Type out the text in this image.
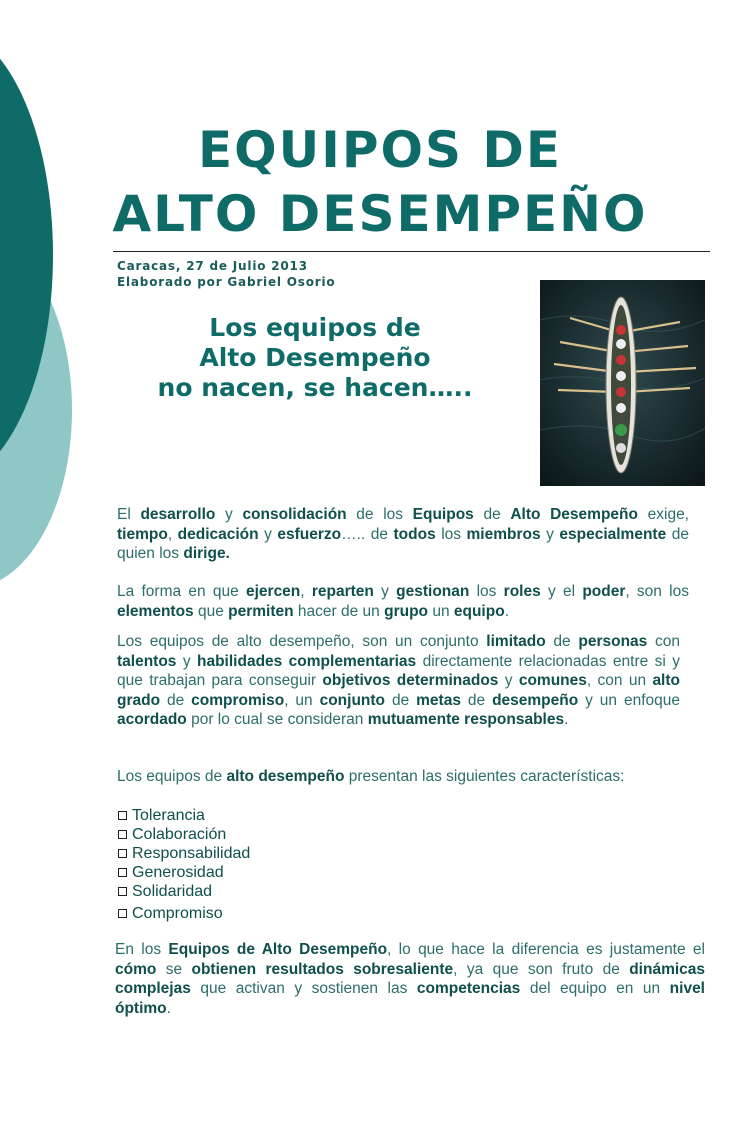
EQUIPOS DE
ALTO DESEMPEÑO
Caracas, 27 de Julio 2013
Elaborado por Gabriel Osorio
Los equipos de
Alto Desempeño
no nacen, se hacen…..

El desarrollo y consolidación de los Equipos de Alto Desempeño exige, tiempo, dedicación y esfuerzo….. de todos los miembros y especialmente de quien los dirige.

La forma en que ejercen, reparten y gestionan los roles y el poder, son los elementos que permiten hacer de un grupo un equipo.

Los equipos de alto desempeño, son un conjunto limitado de personas con talentos y habilidades complementarias directamente relacionadas entre si y que trabajan para conseguir objetivos determinados y comunes, con un alto grado de compromiso, un conjunto de metas de desempeño y un enfoque acordado por lo cual se consideran mutuamente responsables.

Los equipos de alto desempeño presentan las siguientes características:

Tolerancia
Colaboración
Responsabilidad
Generosidad
Solidaridad
Compromiso

En los Equipos de Alto Desempeño, lo que hace la diferencia es justamente el cómo se obtienen resultados sobresaliente, ya que son fruto de dinámicas complejas que activan y sostienen las competencias del equipo en un nivel óptimo.
